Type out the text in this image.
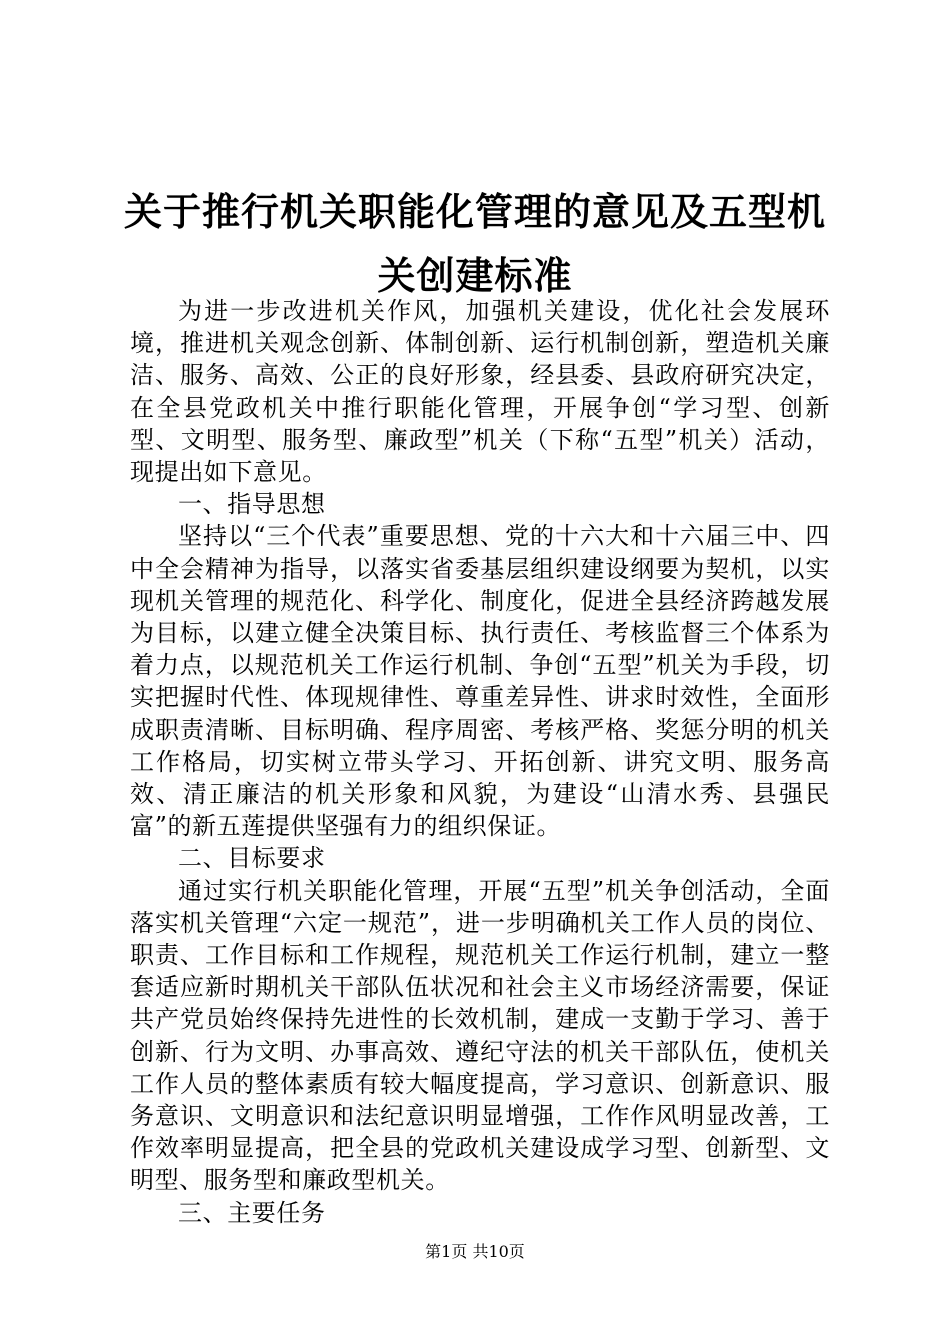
关于推行机关职能化管理的意见及五型机关创建标准

为进一步改进机关作风，加强机关建设，优化社会发展环境，推进机关观念创新、体制创新、运行机制创新，塑造机关廉洁、服务、高效、公正的良好形象，经县委、县政府研究决定，在全县党政机关中推行职能化管理，开展争创“学习型、创新型、文明型、服务型、廉政型”机关（下称“五型”机关）活动，现提出如下意见。

一、指导思想

坚持以“三个代表”重要思想、党的十六大和十六届三中、四中全会精神为指导，以落实省委基层组织建设纲要为契机，以实现机关管理的规范化、科学化、制度化，促进全县经济跨越发展为目标，以建立健全决策目标、执行责任、考核监督三个体系为着力点，以规范机关工作运行机制、争创“五型”机关为手段，切实把握时代性、体现规律性、尊重差异性、讲求时效性，全面形成职责清晰、目标明确、程序周密、考核严格、奖惩分明的机关工作格局，切实树立带头学习、开拓创新、讲究文明、服务高效、清正廉洁的机关形象和风貌，为建设“山清水秀、县强民富”的新五莲提供坚强有力的组织保证。

二、目标要求

通过实行机关职能化管理，开展“五型”机关争创活动，全面落实机关管理“六定一规范”，进一步明确机关工作人员的岗位、职责、工作目标和工作规程，规范机关工作运行机制，建立一整套适应新时期机关干部队伍状况和社会主义市场经济需要，保证共产党员始终保持先进性的长效机制，建成一支勤于学习、善于创新、行为文明、办事高效、遵纪守法的机关干部队伍，使机关工作人员的整体素质有较大幅度提高，学习意识、创新意识、服务意识、文明意识和法纪意识明显增强，工作作风明显改善，工作效率明显提高，把全县的党政机关建设成学习型、创新型、文明型、服务型和廉政型机关。

三、主要任务

第1页 共10页
